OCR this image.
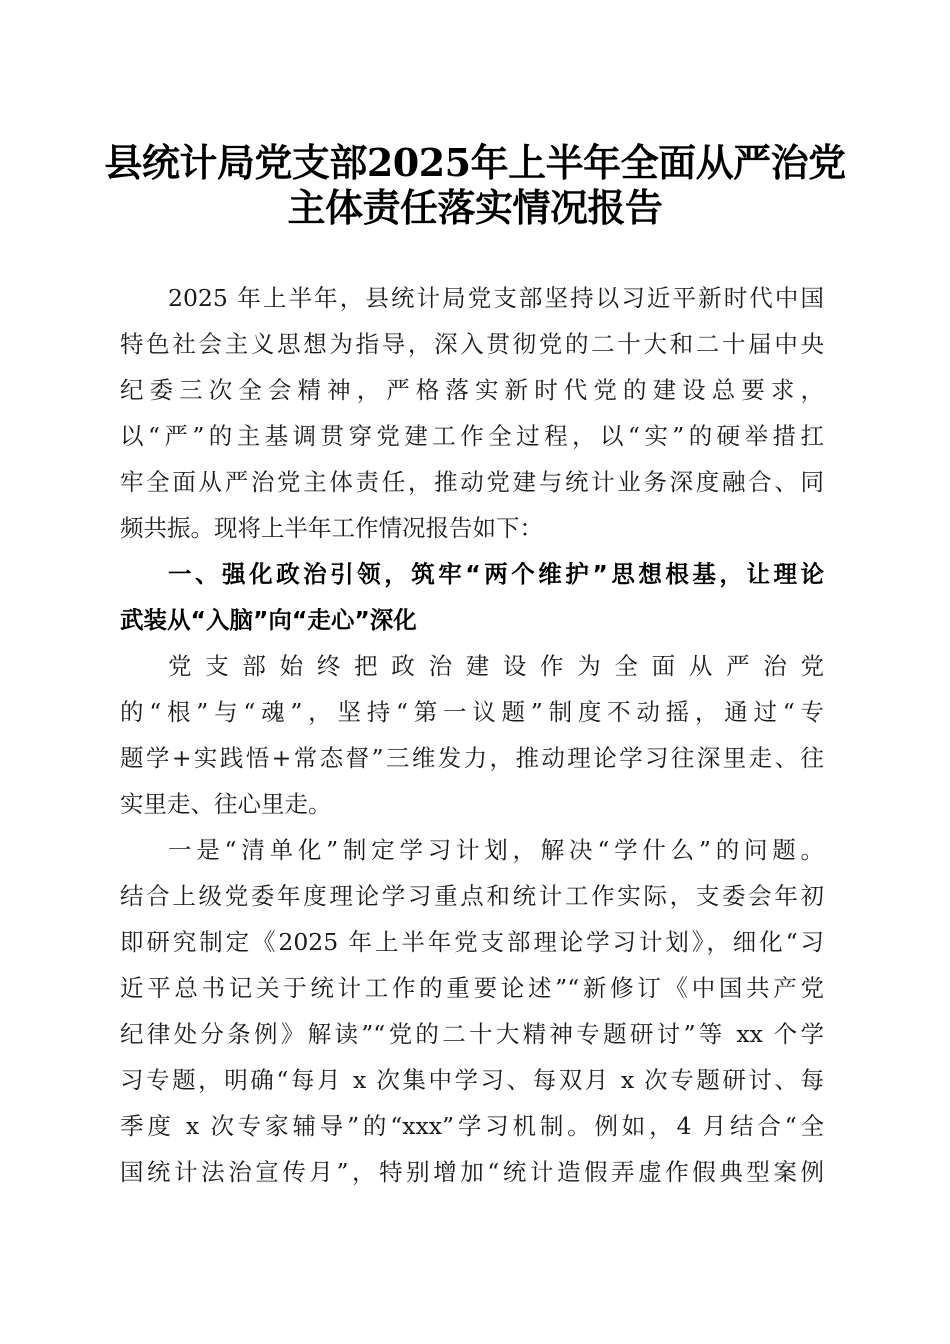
县统计局党支部2025年上半年全面从严治党
主体责任落实情况报告
2025 年上半年，县统计局党支部坚持以习近平新时代中国
特色社会主义思想为指导，深入贯彻党的二十大和二十届中央
纪委三次全会精神，严格落实新时代党的建设总要求，
以“严”的主基调贯穿党建工作全过程，以“实”的硬举措扛
牢全面从严治党主体责任，推动党建与统计业务深度融合、同
频共振。现将上半年工作情况报告如下：
一、强化政治引领，筑牢“两个维护”思想根基，让理论
武装从“入脑”向“走心”深化
党支部始终把政治建设作为全面从严治党
的“根”与“魂”，坚持“第一议题”制度不动摇，通过“专
题学+实践悟+常态督”三维发力，推动理论学习往深里走、往
实里走、往心里走。
一是“清单化”制定学习计划，解决“学什么”的问题。
结合上级党委年度理论学习重点和统计工作实际，支委会年初
即研究制定《2025 年上半年党支部理论学习计划》，细化“习
近平总书记关于统计工作的重要论述”“新修订《中国共产党
纪律处分条例》解读”“党的二十大精神专题研讨”等 xx 个学
习专题，明确“每月 x 次集中学习、每双月 x 次专题研讨、每
季度 x 次专家辅导”的“xxx”学习机制。例如，4 月结合“全
国统计法治宣传月”，特别增加“统计造假弄虚作假典型案例
